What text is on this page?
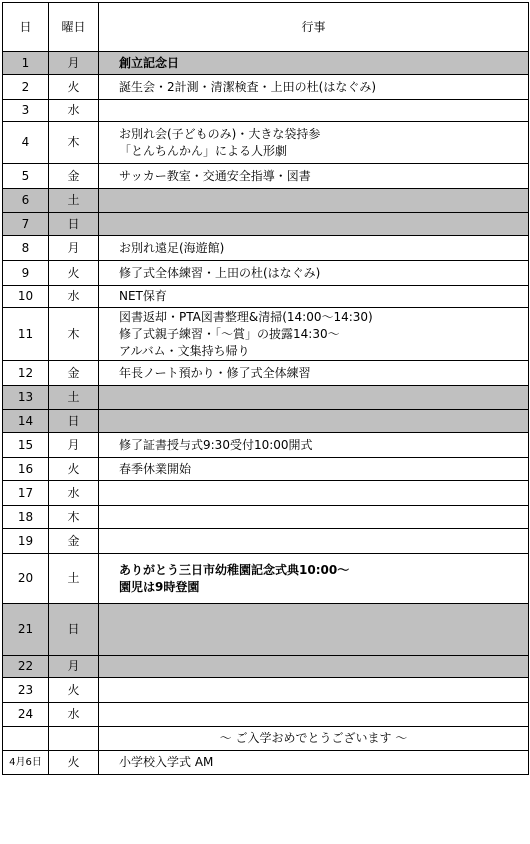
日	曜日	行事
1	月	創立記念日
2	火	誕生会・2計測・清潔検査・上田の杜(はなぐみ)
3	水	
4	木	お別れ会(子どものみ)・大きな袋持参
「とんちんかん」による人形劇
5	金	サッカー教室・交通安全指導・図書
6	土	
7	日	
8	月	お別れ遠足(海遊館)
9	火	修了式全体練習・上田の杜(はなぐみ)
10	水	NET保育
11	木	図書返却・PTA図書整理&清掃(14:00～14:30)
修了式親子練習・「～賞」の披露14:30～
アルバム・文集持ち帰り
12	金	年長ノート預かり・修了式全体練習
13	土	
14	日	
15	月	修了証書授与式9:30受付10:00開式
16	火	春季休業開始
17	水	
18	木	
19	金	
20	土	ありがとう三日市幼稚園記念式典10:00～
園児は9時登園
21	日	
22	月	
23	火	
24	水	
		～ ご入学おめでとうございます ～
4月6日	火	小学校入学式 AM
